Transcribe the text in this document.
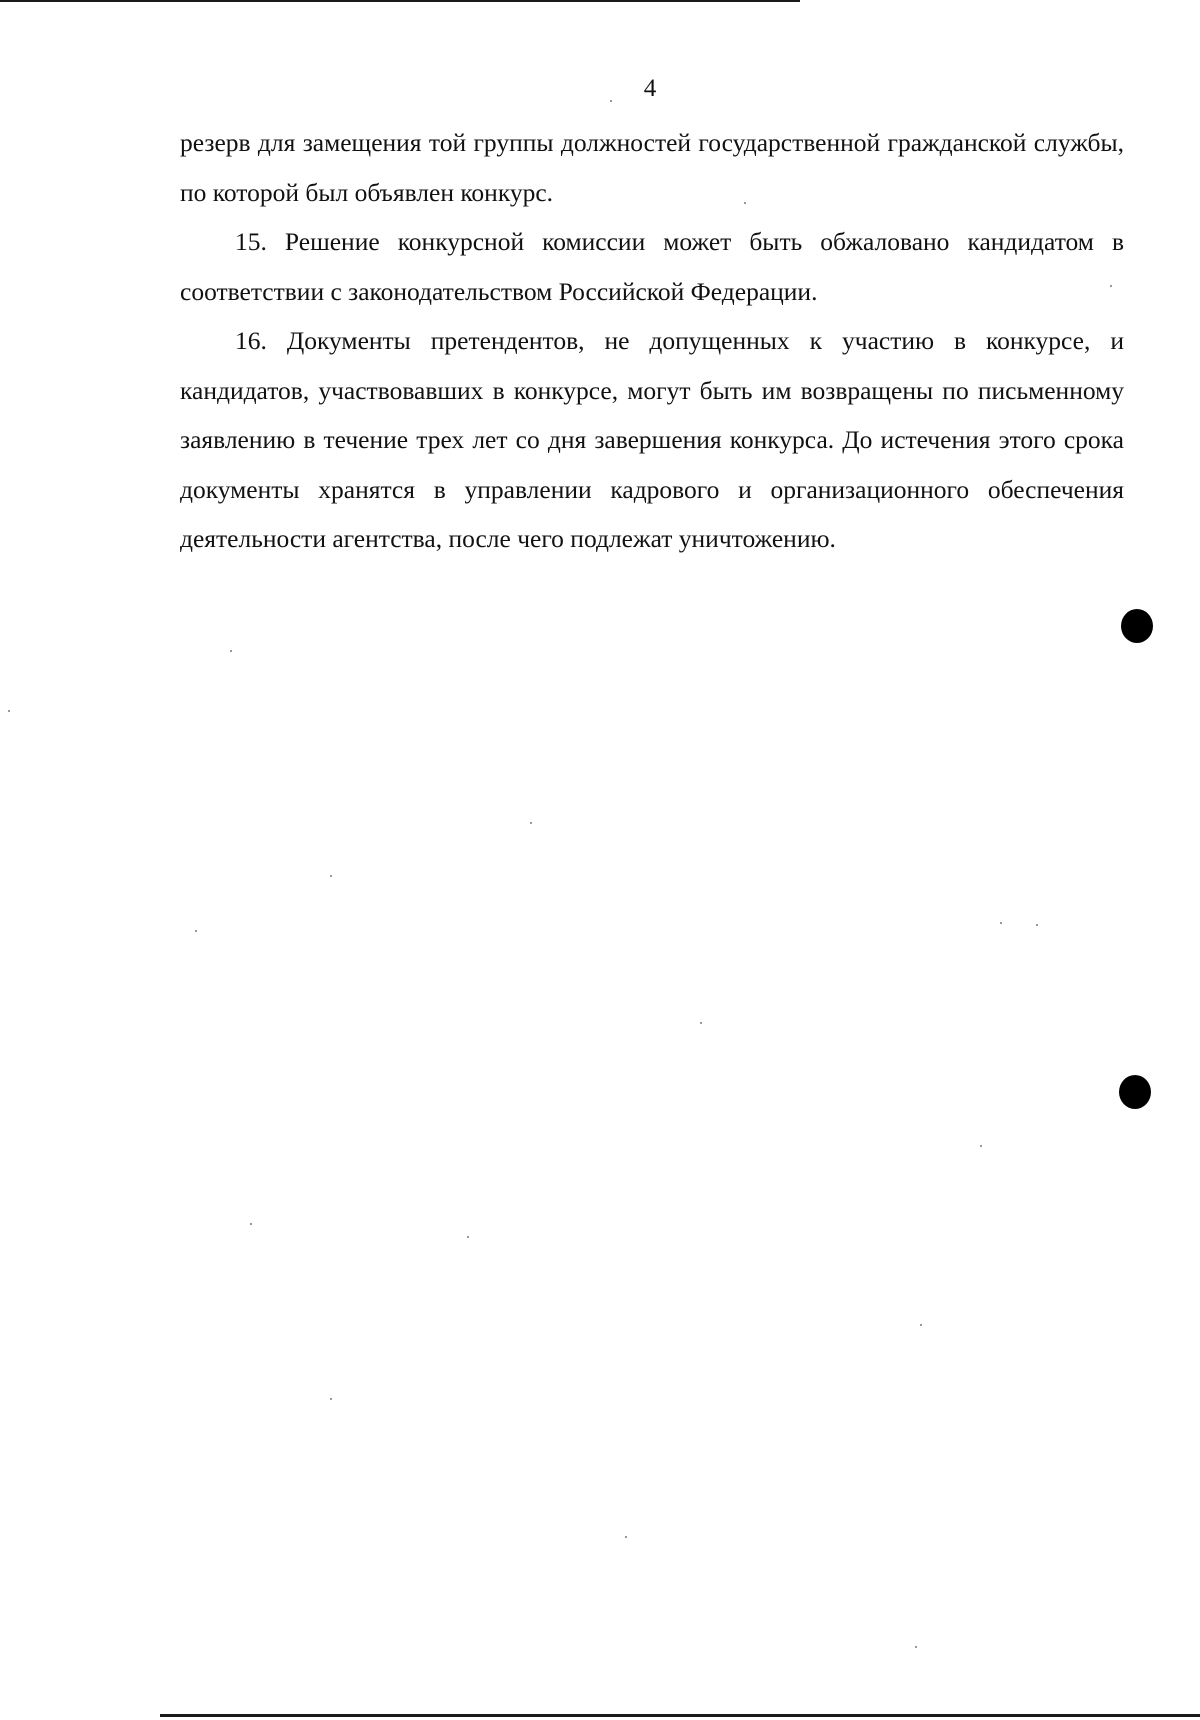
4

резерв для замещения той группы должностей государственной гражданской службы, по которой был объявлен конкурс.

15. Решение конкурсной комиссии может быть обжаловано кандидатом в соответствии с законодательством Российской Федерации.

16. Документы претендентов, не допущенных к участию в конкурсе, и кандидатов, участвовавших в конкурсе, могут быть им возвращены по письменному заявлению в течение трех лет со дня завершения конкурса. До истечения этого срока документы хранятся в управлении кадрового и организационного обеспечения деятельности агентства, после чего подлежат уничтожению.
